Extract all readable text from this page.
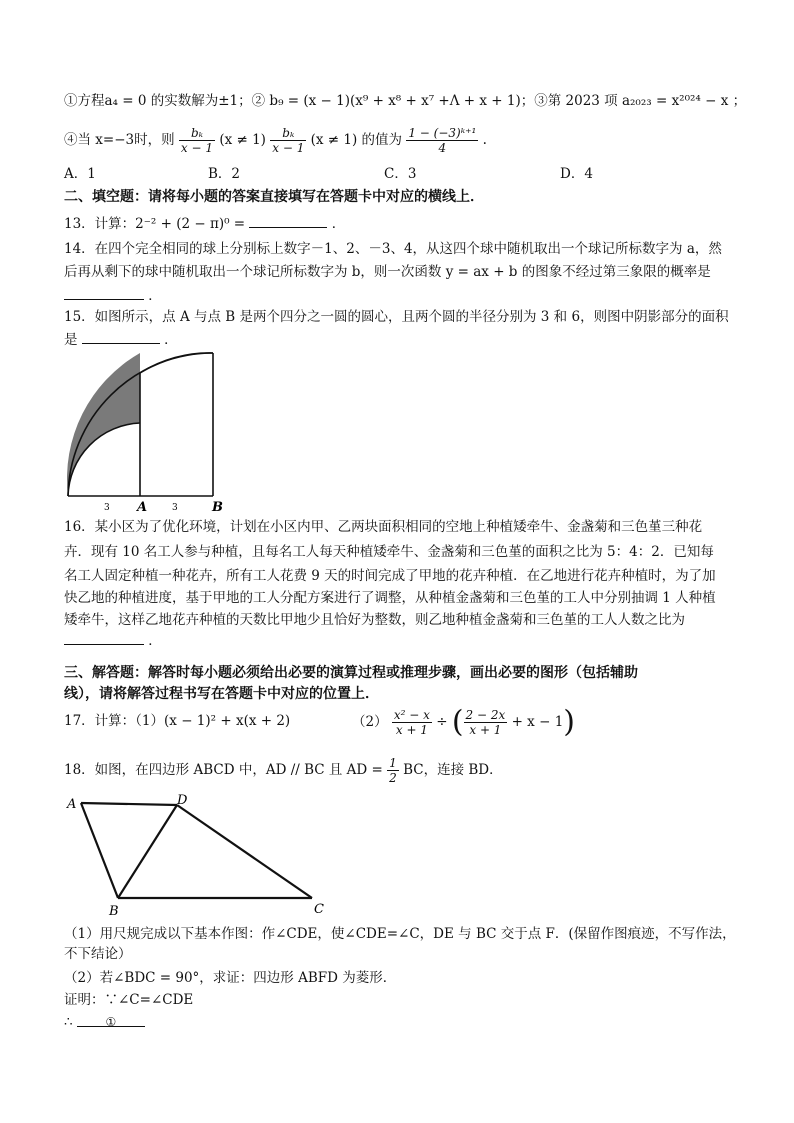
①方程a₄ = 0 的实数解为±1；② b₉ = (x − 1)(x⁹ + x⁸ + x⁷ +Λ + x + 1)；③第 2023 项 a₂₀₂₃ = x²⁰²⁴ − x ；
④当 x=−3时，则 $\frac{\text{bₖ}}{x - 1} (x \ne 1) \frac{\text{bₖ}}{x - 1} (x \ne 1)$ 的值为 $\frac{\text{1 − (−3)ᵏ⁺¹}}{4}$ .
A．1	B．2	C．3	D．4
二、填空题：请将每小题的答案直接填写在答题卡中对应的横线上．
13．计算：2⁻² + (2 − π)⁰ =	．
14．在四个完全相同的球上分别标上数字－1、2、－3、4，从这四个球中随机取出一个球记所标数字为 a，然
后再从剩下的球中随机取出一个球记所标数字为 b，则一次函数 y = ax + b 的图象不经过第三象限的概率是
．
15．如图所示，点 A 与点 B 是两个四分之一圆的圆心，且两个圆的半径分别为 3 和 6，则图中阴影部分的面积
是	．
3 A	3	B
16．某小区为了优化环境，计划在小区内甲、乙两块面积相同的空地上种植矮牵牛、金盏菊和三色堇三种花
卉．现有 10 名工人参与种植，且每名工人每天种植矮牵牛、金盏菊和三色堇的面积之比为 5：4：2．已知每
名工人固定种植一种花卉，所有工人花费 9 天的时间完成了甲地的花卉种植．在乙地进行花卉种植时，为了加
快乙地的种植进度，基于甲地的工人分配方案进行了调整，从种植金盏菊和三色堇的工人中分别抽调 1 人种植
矮牵牛，这样乙地花卉种植的天数比甲地少且恰好为整数，则乙地种植金盏菊和三色堇的工人人数之比为
．
三、解答题：解答时每小题必须给出必要的演算过程或推理步骤，画出必要的图形（包括辅助
线），请将解答过程书写在答题卡中对应的位置上．
17．计算：（1）(x − 1)² + x(x + 2)	$(2) \frac{\text{x² − x}}{x + 1}$ ÷ ( $\frac{2 - 2x}{x + 1} + x - 1$)
18．如图，在四边形 ABCD 中，AD // BC 且 AD = $\frac{1}{2}$ BC，连接 BD．
A	D
B	C
（1）用尺规完成以下基本作图：作∠CDE，使∠CDE=∠C，DE 与 BC 交于点 F．(保留作图痕迹，不写作法，
不下结论）
（2）若∠BDC = 90°，求证：四边形 ABFD 为菱形．
证明：∵∠C=∠CDE
∴	①
